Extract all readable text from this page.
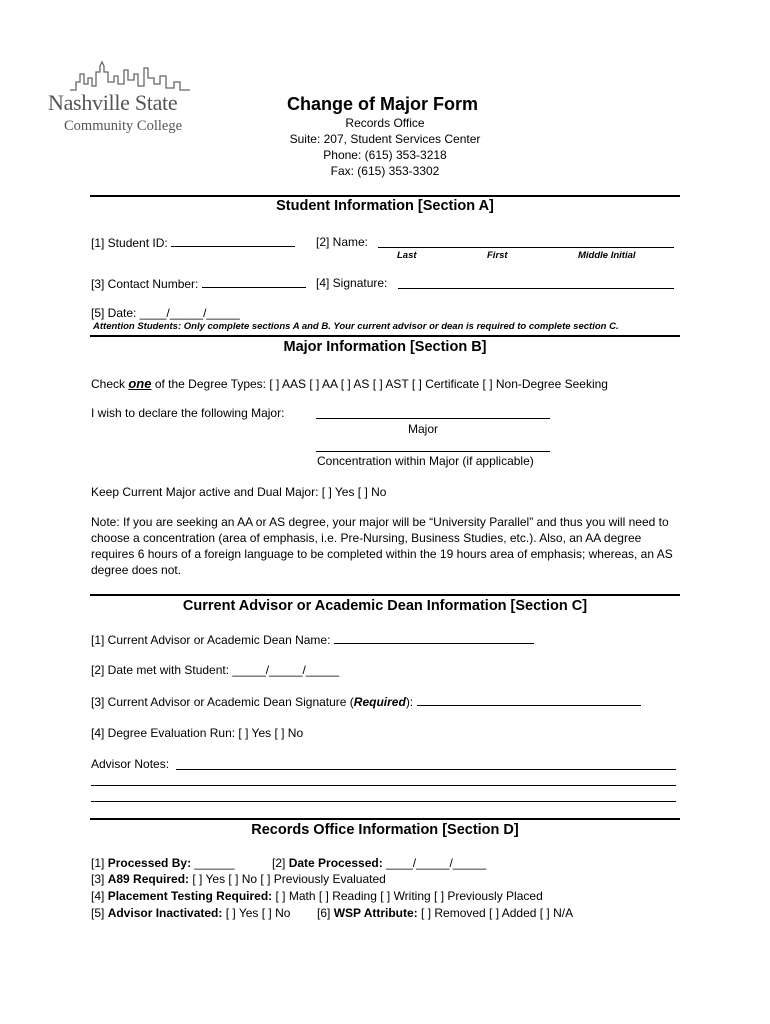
Nashville State
Community College
Change of Major Form
Records Office
Suite: 207, Student Services Center
Phone: (615) 353-3218
Fax: (615) 353-3302
Student Information [Section A]
[1] Student ID:	[2] Name:
Last	First	Middle Initial
[3] Contact Number:	[4] Signature:
[5] Date: ____/_____/_____
Attention Students: Only complete sections A and B. Your current advisor or dean is required to complete section C.
Major Information [Section B]
Check one of the Degree Types: [ ] AAS [ ] AA [ ] AS [ ] AST [ ] Certificate [ ] Non-Degree Seeking
I wish to declare the following Major:
Major
Concentration within Major (if applicable)
Keep Current Major active and Dual Major: [ ] Yes [ ] No
Note: If you are seeking an AA or AS degree, your major will be “University Parallel” and thus you will need to choose a concentration (area of emphasis, i.e. Pre-Nursing, Business Studies, etc.). Also, an AA degree requires 6 hours of a foreign language to be completed within the 19 hours area of emphasis; whereas, an AS degree does not.
Current Advisor or Academic Dean Information [Section C]
[1] Current Advisor or Academic Dean Name:
[2] Date met with Student: _____/_____/_____
[3] Current Advisor or Academic Dean Signature (Required):
[4] Degree Evaluation Run: [ ] Yes [ ] No
Advisor Notes:
Records Office Information [Section D]
[1] Processed By: ______	[2] Date Processed: ____/_____/_____
[3] A89 Required: [ ] Yes [ ] No [ ] Previously Evaluated
[4] Placement Testing Required: [ ] Math [ ] Reading [ ] Writing [ ] Previously Placed
[5] Advisor Inactivated: [ ] Yes [ ] No [6] WSP Attribute: [ ] Removed [ ] Added [ ] N/A
